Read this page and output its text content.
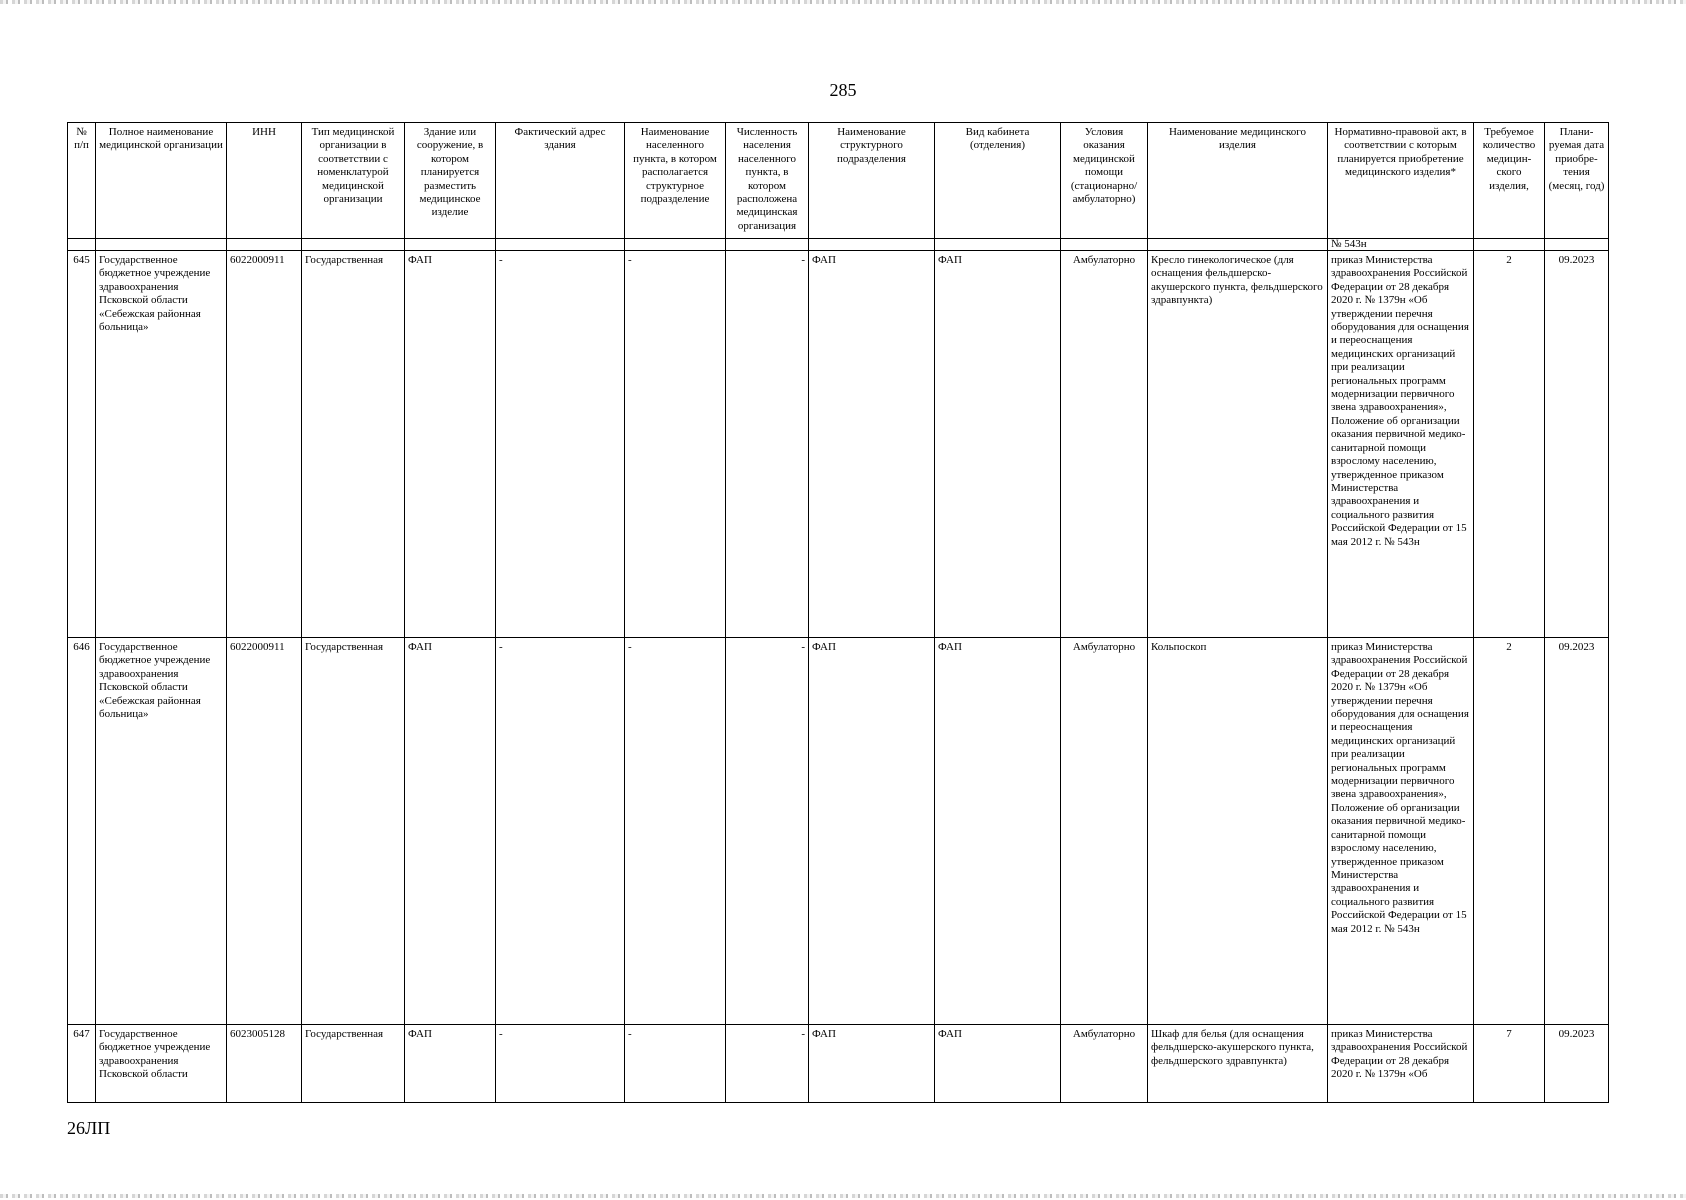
285
№ п/п	Полное наименование медицинской организации	ИНН	Тип медицинской организации в соответствии с номенклатурой медицинской организации	Здание или сооружение, в котором планируется разместить медицинское изделие	Фактический адрес здания	Наименование населенного пункта, в котором располагается структурное подразделение	Численность населения населенного пункта, в котором расположена медицинская организация	Наименование структурного подразделения	Вид кабинета (отделения)	Условия оказания медицинской помощи (стационарно/ амбулаторно)	Наименование медицинского изделия	Нормативно-правовой акт, в соответствии с которым планируется приобретение медицинского изделия*	Требуемое количество медицин-ского изделия,	Плани-руемая дата приобре-тения (месяц, год)
												№ 543н		
645	Государственное бюджетное учреждение здравоохранения Псковской области «Себежская районная больница»	6022000911	Государственная	ФАП	-	-	-	ФАП	ФАП	Амбулаторно	Кресло гинекологическое (для оснащения фельдшерско-акушерского пункта, фельдшерского здравпункта)	приказ Министерства здравоохранения Российской Федерации от 28 декабря 2020 г. № 1379н «Об утверждении перечня оборудования для оснащения и переоснащения медицинских организаций при реализации региональных программ модернизации первичного звена здравоохранения», Положение об организации оказания первичной медико-санитарной помощи взрослому населению, утвержденное приказом Министерства здравоохранения и социального развития Российской Федерации от 15 мая 2012 г. № 543н	2	09.2023
646	Государственное бюджетное учреждение здравоохранения Псковской области «Себежская районная больница»	6022000911	Государственная	ФАП	-	-	-	ФАП	ФАП	Амбулаторно	Кольпоскоп	приказ Министерства здравоохранения Российской Федерации от 28 декабря 2020 г. № 1379н «Об утверждении перечня оборудования для оснащения и переоснащения медицинских организаций при реализации региональных программ модернизации первичного звена здравоохранения», Положение об организации оказания первичной медико-санитарной помощи взрослому населению, утвержденное приказом Министерства здравоохранения и социального развития Российской Федерации от 15 мая 2012 г. № 543н	2	09.2023
647	Государственное бюджетное учреждение здравоохранения Псковской области	6023005128	Государственная	ФАП	-	-	-	ФАП	ФАП	Амбулаторно	Шкаф для белья (для оснащения фельдшерско-акушерского пункта, фельдшерского здравпункта)	приказ Министерства здравоохранения Российской Федерации от 28 декабря 2020 г. № 1379н «Об	7	09.2023
26ЛП
